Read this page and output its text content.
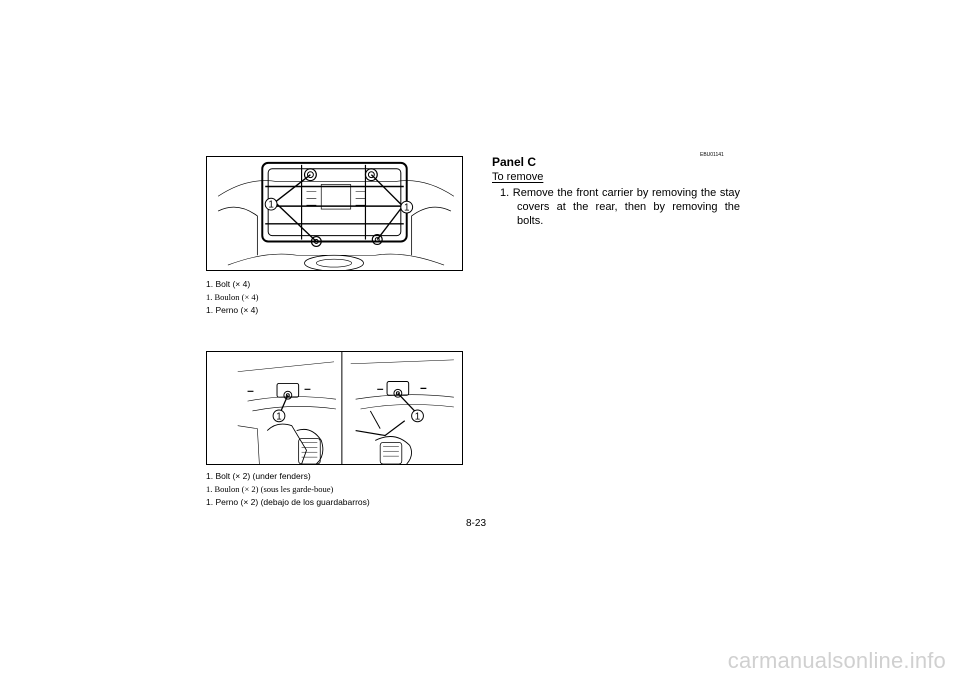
1	1
1. Bolt (× 4)
1. Boulon (× 4)
1. Perno (× 4)
1	1
1. Bolt (× 2) (under fenders)
1. Boulon (× 2) (sous les garde-boue)
1. Perno (× 2) (debajo de los guardabarros)
EBU01141
Panel C
To remove
1. Remove the front carrier by removing the stay covers at the rear, then by removing the bolts.
8-23
carmanualsonline.info
